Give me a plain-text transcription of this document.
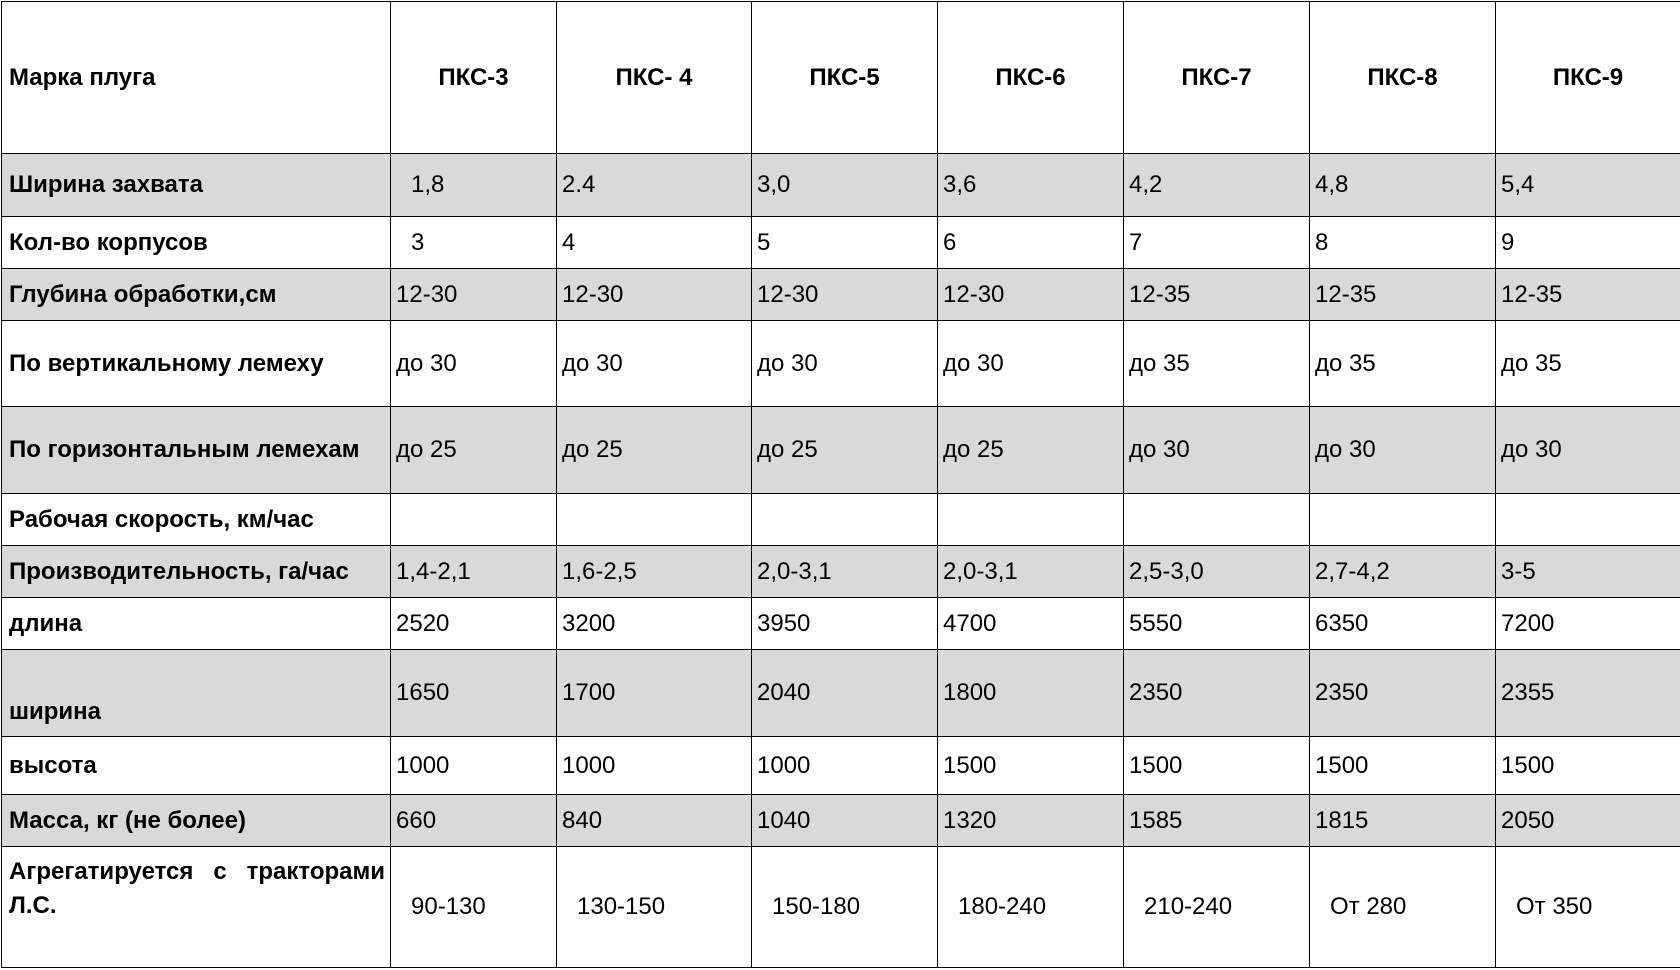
Марка плуга	ПКС-3	ПКС- 4	ПКС-5	ПКС-6	ПКС-7	ПКС-8	ПКС-9
Ширина захвата	1,8	2.4	3,0	3,6	4,2	4,8	5,4
Кол-во корпусов	3	4	5	6	7	8	9
Глубина обработки,см	12-30	12-30	12-30	12-30	12-35	12-35	12-35
По вертикальному лемеху	до 30	до 30	до 30	до 30	до 35	до 35	до 35
По горизонтальным лемехам	до 25	до 25	до 25	до 25	до 30	до 30	до 30
Рабочая скорость, км/час							
Производительность, га/час	1,4-2,1	1,6-2,5	2,0-3,1	2,0-3,1	2,5-3,0	2,7-4,2	3-5
длина	2520	3200	3950	4700	5550	6350	7200
ширина	1650	1700	2040	1800	2350	2350	2355
высота	1000	1000	1000	1500	1500	1500	1500
Масса, кг (не более)	660	840	1040	1320	1585	1815	2050
Агрегатируется с тракторами Л.С.	90-130	130-150	150-180	180-240	210-240	От 280	От 350
